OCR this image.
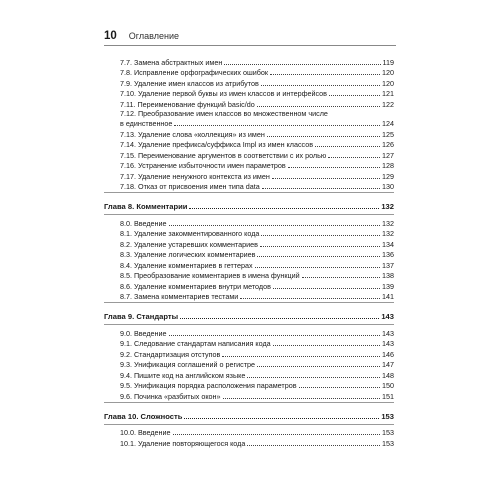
10 Оглавление
7.7. Замена абстрактных имен	119
7.8. Исправление орфографических ошибок	120
7.9. Удаление имен классов из атрибутов	120
7.10. Удаление первой буквы из имен классов и интерфейсов	121
7.11. Переименование функций basic/do	122
7.12. Преобразование имен классов во множественном числе
в единственное	124
7.13. Удаление слова «коллекция» из имен	125
7.14. Удаление префикса/суффикса Impl из имен классов	126
7.15. Переименование аргументов в соответствии с их ролью	127
7.16. Устранение избыточности имен параметров	128
7.17. Удаление ненужного контекста из имен	129
7.18. Отказ от присвоения имен типа data	130
Глава 8. Комментарии	132
8.0. Введение	132
8.1. Удаление закомментированного кода	132
8.2. Удаление устаревших комментариев	134
8.3. Удаление логических комментариев	136
8.4. Удаление комментариев в геттерах	137
8.5. Преобразование комментариев в имена функций	138
8.6. Удаление комментариев внутри методов	139
8.7. Замена комментариев тестами	141
Глава 9. Стандарты	143
9.0. Введение	143
9.1. Следование стандартам написания кода	143
9.2. Стандартизация отступов	146
9.3. Унификация соглашений о регистре	147
9.4. Пишите код на английском языке	148
9.5. Унификация порядка расположения параметров	150
9.6. Починка «разбитых окон»	151
Глава 10. Сложность	153
10.0. Введение	153
10.1. Удаление повторяющегося кода	153
